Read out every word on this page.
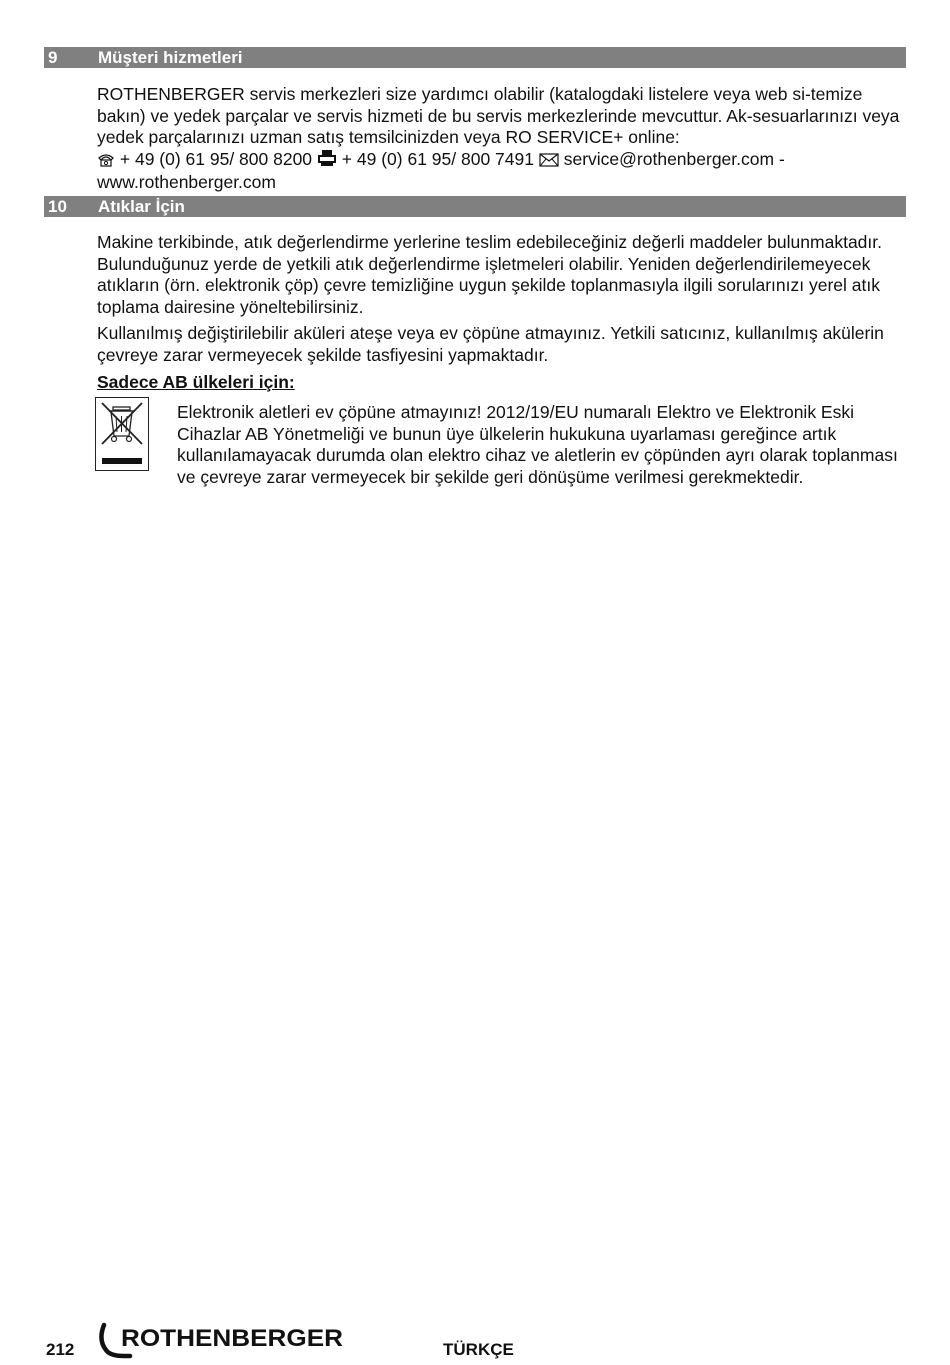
9 Müşteri hizmetleri
ROTHENBERGER servis merkezleri size yardımcı olabilir (katalogdaki listelere veya web si-temize bakın) ve yedek parçalar ve servis hizmeti de bu servis merkezlerinde mevcuttur. Ak-sesuarlarınızı veya yedek parçalarınızı uzman satış temsilcinizden veya RO SERVICE+ online:
+ 49 (0) 61 95/ 800 8200 + 49 (0) 61 95/ 800 7491 service@rothenberger.com -
www.rothenberger.com
10 Atıklar İçin

Makine terkibinde, atık değerlendirme yerlerine teslim edebileceğiniz değerli maddeler bulunmaktadır. Bulunduğunuz yerde de yetkili atık değerlendirme işletmeleri olabilir. Yeniden değerlendirilemeyecek atıkların (örn. elektronik çöp) çevre temizliğine uygun şekilde toplanmasıyla ilgili sorularınızı yerel atık toplama dairesine yöneltebilirsiniz.

Kullanılmış değiştirilebilir aküleri ateşe veya ev çöpüne atmayınız. Yetkili satıcınız, kullanılmış akülerin çevreye zarar vermeyecek şekilde tasfiyesini yapmaktadır.

Sadece AB ülkeleri için:

Elektronik aletleri ev çöpüne atmayınız! 2012/19/EU numaralı Elektro ve Elektronik Eski Cihazlar AB Yönetmeliği ve bunun üye ülkelerin hukukuna uyarlaması gereğince artık kullanılamayacak durumda olan elektro cihaz ve aletlerin ev çöpünden ayrı olarak toplanması ve çevreye zarar vermeyecek bir şekilde geri dönüşüme verilmesi gerekmektedir.

212 ROTHENBERGER	TÜRKÇE
